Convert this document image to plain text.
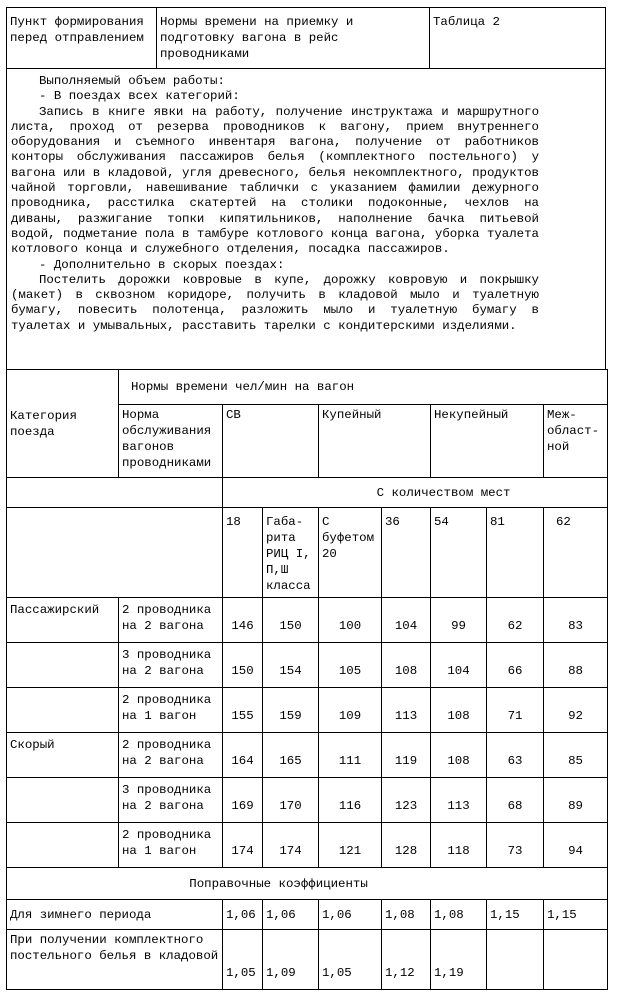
Пункт формирования перед отправлением	Нормы времени на приемку и подготовку вагона в рейс проводниками	Таблица 2

Выполняемый объем работы:

- В поездах всех категорий:

Запись в книге явки на работу, получение инструктажа и маршрутного листа, проход от резерва проводников к вагону, прием внутреннего оборудования и съемного инвентаря вагона, получение от работников конторы обслуживания пассажиров белья (комплектного постельного) у вагона или в кладовой, угля древесного, белья некомплектного, продуктов чайной торговли, навешивание таблички с указанием фамилии дежурного проводника, расстилка скатертей на столики подоконные, чехлов на диваны, разжигание топки кипятильников, наполнение бачка питьевой водой, подметание пола в тамбуре котлового конца вагона, уборка туалета котлового конца и служебного отделения, посадка пассажиров.

- Дополнительно в скорых поездах:

Постелить дорожки ковровые в купе, дорожку ковровую и покрышку (макет) в сквозном коридоре, получить в кладовой мыло и туалетную бумагу, повесить полотенца, разложить мыло и туалетную бумагу в туалетах и умывальных, расставить тарелки с кондитерскими изделиями.

Категория поезда	Нормы времени чел/мин на вагон							
	Норма обслуживания вагонов проводниками	СВ		Купейный		Некупейный		Меж-област-ной
		С количеством мест						
		18	Габа-рита РИЦ I, П,Ш класса	С буфетом 20	36	54	81	62
Пассажирский	2 проводника на 2 вагона	146	150	100	104	99	62	83
	3 проводника на 2 вагона	150	154	105	108	104	66	88
	2 проводника на 1 вагон	155	159	109	113	108	71	92
Скорый	2 проводника на 2 вагона	164	165	111	119	108	63	85
	3 проводника на 2 вагона	169	170	116	123	113	68	89
	2 проводника на 1 вагон	174	174	121	128	118	73	94
Поправочные коэффициенты								
Для зимнего периода		1,06	1,06	1,06	1,08	1,08	1,15	1,15
При получении комплектного постельного белья в кладовой		1,05	1,09	1,05	1,12	1,19		
